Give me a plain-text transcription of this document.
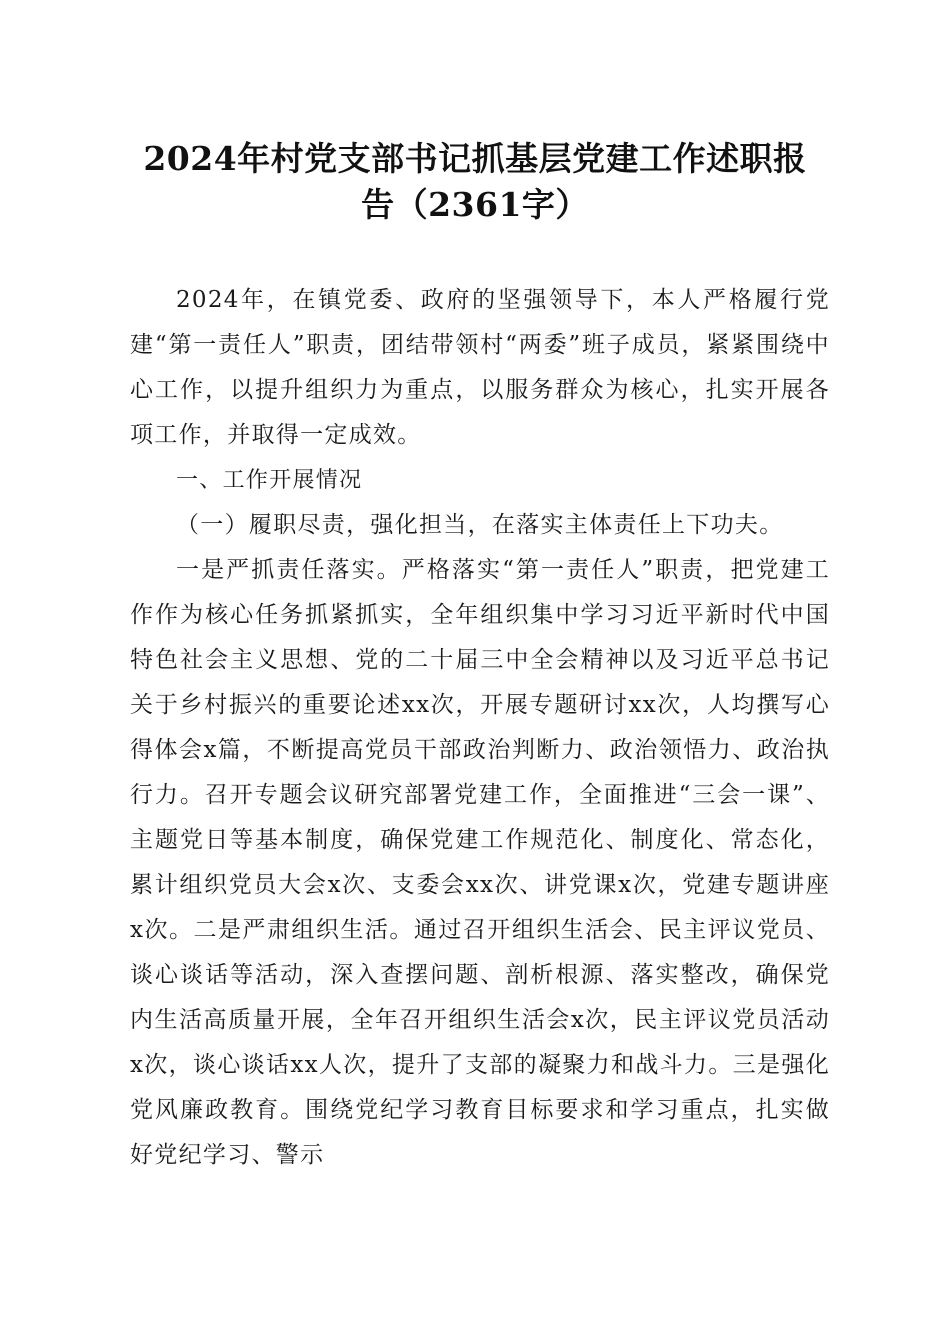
2024年村党支部书记抓基层党建工作述职报
告（2361字）

2024年，在镇党委、政府的坚强领导下，本人严格履行党建“第一责任人”职责，团结带领村“两委”班子成员，紧紧围绕中心工作，以提升组织力为重点，以服务群众为核心，扎实开展各项工作，并取得一定成效。

一、工作开展情况

（一）履职尽责，强化担当，在落实主体责任上下功夫。

一是严抓责任落实。严格落实“第一责任人”职责，把党建工作作为核心任务抓紧抓实，全年组织集中学习习近平新时代中国特色社会主义思想、党的二十届三中全会精神以及习近平总书记关于乡村振兴的重要论述xx次，开展专题研讨xx次，人均撰写心得体会x篇，不断提高党员干部政治判断力、政治领悟力、政治执行力。召开专题会议研究部署党建工作，全面推进“三会一课”、主题党日等基本制度，确保党建工作规范化、制度化、常态化，累计组织党员大会x次、支委会xx次、讲党课x次，党建专题讲座x次。二是严肃组织生活。通过召开组织生活会、民主评议党员、谈心谈话等活动，深入查摆问题、剖析根源、落实整改，确保党内生活高质量开展，全年召开组织生活会x次，民主评议党员活动x次，谈心谈话xx人次，提升了支部的凝聚力和战斗力。三是强化党风廉政教育。围绕党纪学习教育目标要求和学习重点，扎实做好党纪学习、警示
